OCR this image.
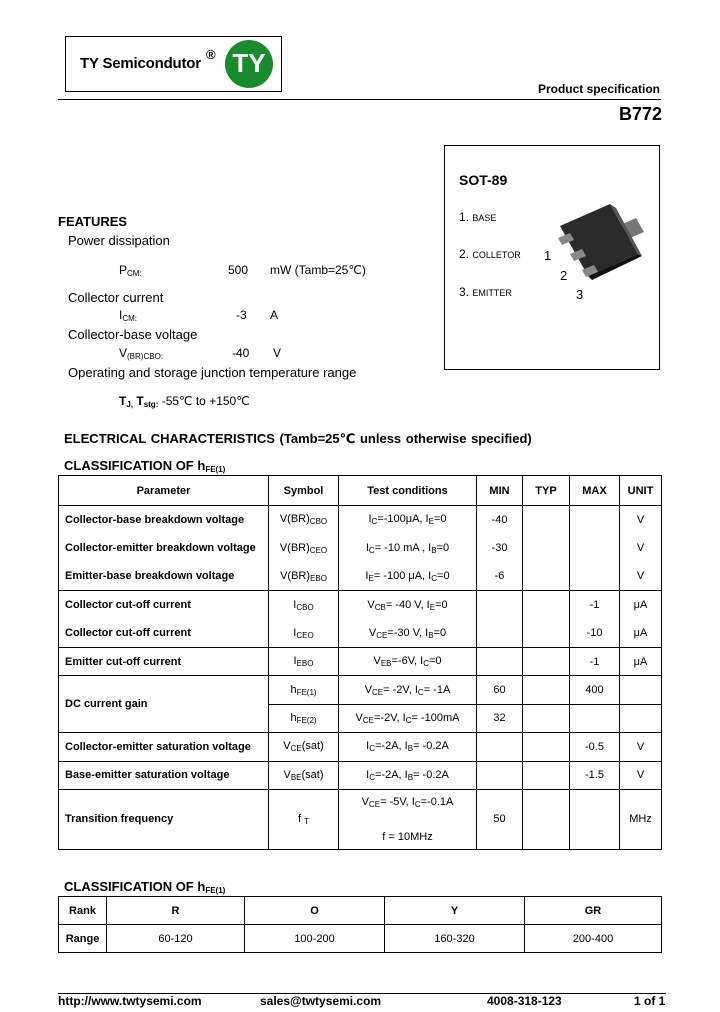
TY Semicondutor
® TY
Product specification
B772
SOT-89
1. BASE
2. COLLETOR
3. EMITTER
1
2
3
FEATURES
Power dissipation
$P_{CM:}$	500 mW (Tamb=25℃)
Collector current
$I_{CM:}$	-3 A
Collector-base voltage
$V_{(BR)CBO:}$	-40 V
Operating and storage junction temperature range
$T_{J,}$ $T_{stg:}$ -55℃ to +150℃
ELECTRICAL CHARACTERISTICS (Tamb=25℃ unless otherwise specified)
CLASSIFICATION OF $h_{FE(1)}$
Parameter	Symbol	Test conditions	MIN	TYP	MAX	UNIT
Collector-base breakdown voltage	$V(BR)_{CBO}$	$I_C=-100\mu A$, $I_E=0$	-40			V
Collector-emitter breakdown voltage	$V(BR)_{CEO}$	$I_C= -10$ mA , $I_B=0$	-30			V
Emitter-base breakdown voltage	$V(BR)_{EBO}$	$I_E= -100$ μA, $I_C=0$	-6			V
Collector cut-off current	$I_{CBO}$	$V_{CB}= -40$ V, $I_E=0$			-1	μA
Collector cut-off current	$I_{CEO}$	$V_{CE}=-30$ V, $I_B=0$			-10	μA
Emitter cut-off current	$I_{EBO}$	$V_{EB}=-6V$, $I_C=0$			-1	μA
DC current gain	$h_{FE(1)}$	$V_{CE}= -2V$, $I_C= -1A$	60		400	
	$h_{FE(2)}$	$V_{CE}=-2V$, $I_C= -100mA$	32			
Collector-emitter saturation voltage	$V_{CE}(sat)$	$I_C=-2A$, $I_B= -0.2A$			-0.5	V
Base-emitter saturation voltage	$V_{BE}(sat)$	$I_C=-2A$, $I_B= -0.2A$			-1.5	V
Transition frequency	f $_T$	$V_{CE}= -5V$, $I_C=-0.1A$
f = 10MHz	50			MHz
CLASSIFICATION OF $h_{FE(1)}$
Rank	R	O	Y	GR
Range	60-120	100-200	160-320	200-400
http://www.twtysemi.com	sales@twtysemi.com	4008-318-123	1 of 1
